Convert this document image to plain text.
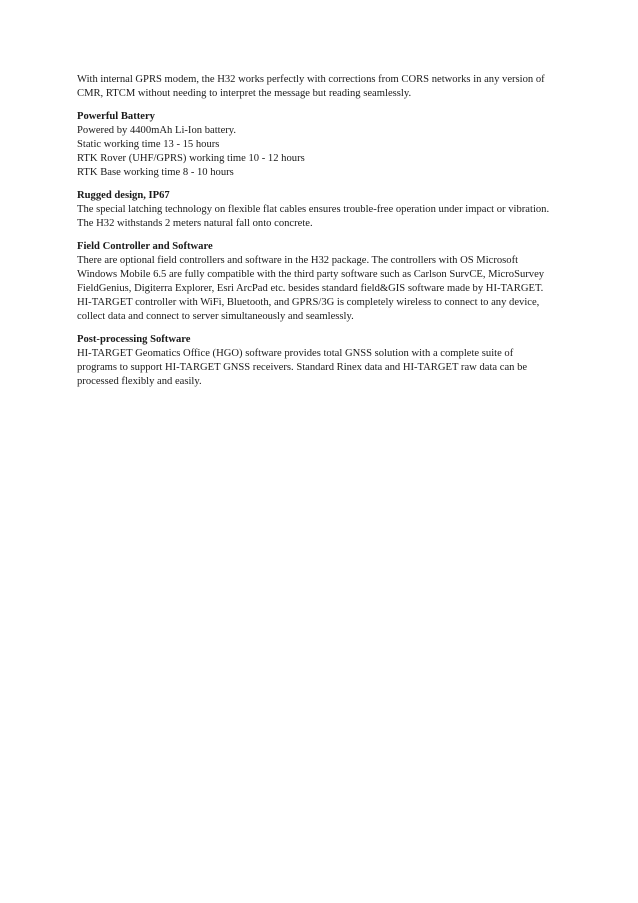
With internal GPRS modem, the H32 works perfectly with corrections from CORS networks in any version of
CMR, RTCM without needing to interpret the message but reading seamlessly.
Powerful Battery
Powered by 4400mAh Li-Ion battery.
Static working time 13 - 15 hours
RTK Rover (UHF/GPRS) working time 10 - 12 hours
RTK Base working time 8 - 10 hours
Rugged design, IP67
The special latching technology on flexible flat cables ensures trouble-free operation under impact or vibration.
The H32 withstands 2 meters natural fall onto concrete.
Field Controller and Software
There are optional field controllers and software in the H32 package. The controllers with OS Microsoft
Windows Mobile 6.5 are fully compatible with the third party software such as Carlson SurvCE, MicroSurvey
FieldGenius, Digiterra Explorer, Esri ArcPad etc. besides standard field&GIS software made by HI-TARGET.
HI-TARGET controller with WiFi, Bluetooth, and GPRS/3G is completely wireless to connect to any device,
collect data and connect to server simultaneously and seamlessly.
Post-processing Software
HI-TARGET Geomatics Office (HGO) software provides total GNSS solution with a complete suite of
programs to support HI-TARGET GNSS receivers. Standard Rinex data and HI-TARGET raw data can be
processed flexibly and easily.
